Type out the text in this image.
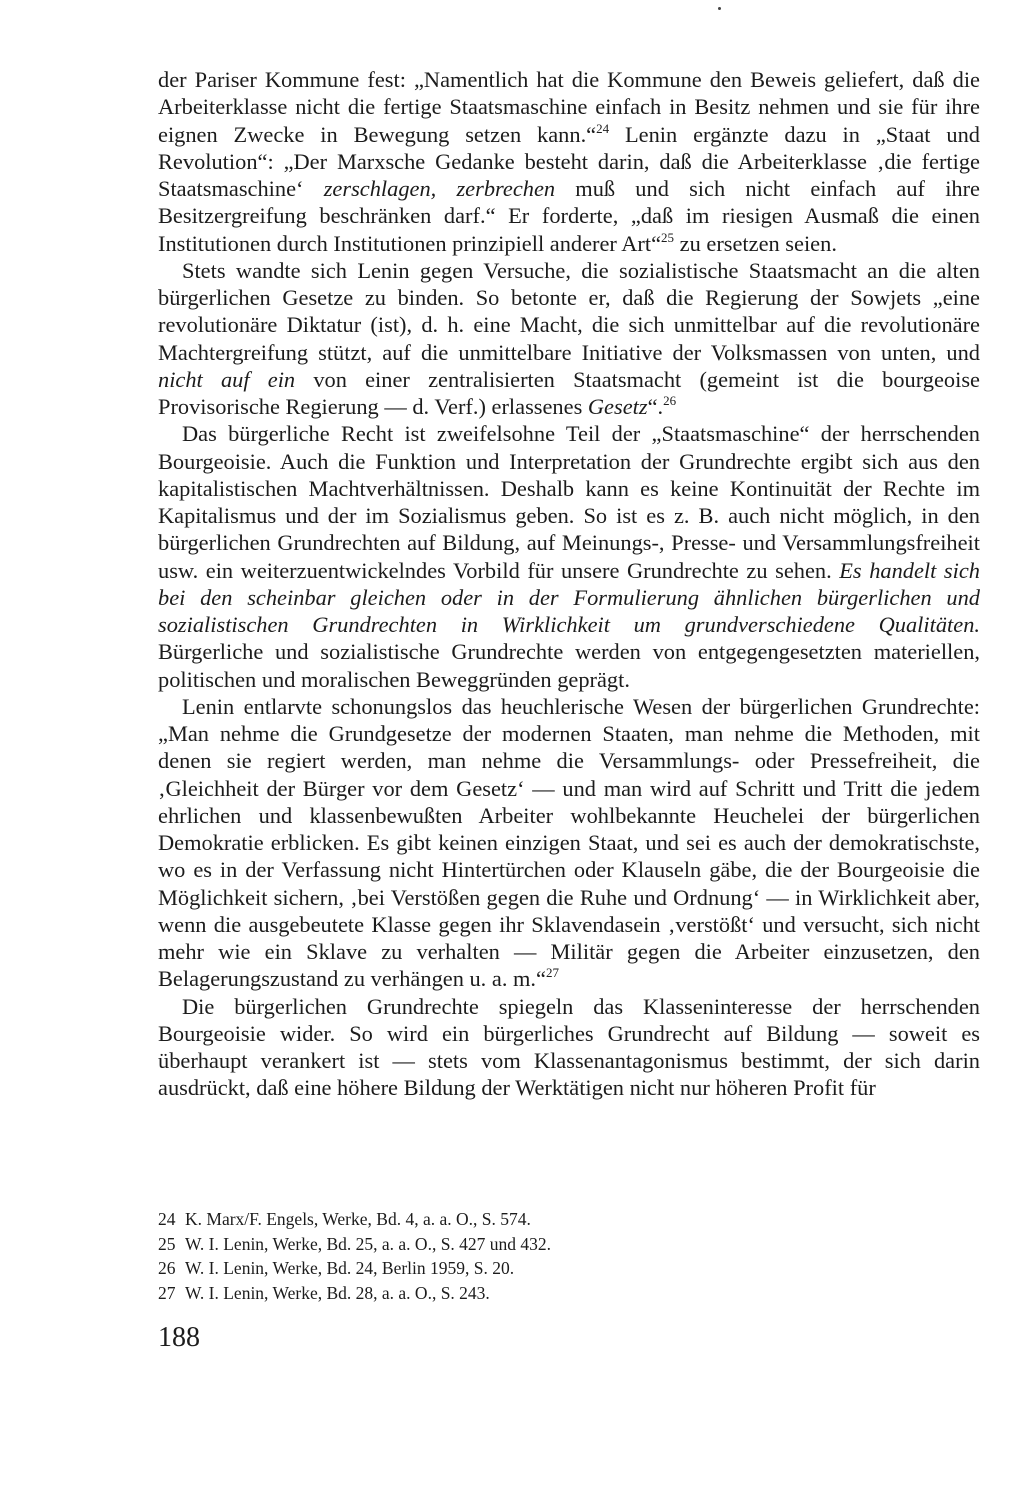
der Pariser Kommune fest: „Namentlich hat die Kommune den Beweis geliefert, daß die Arbeiterklasse nicht die fertige Staatsmaschine einfach in Besitz nehmen und sie für ihre eignen Zwecke in Bewegung setzen kann.“$^{24}$ Lenin ergänzte dazu in „Staat und Revolution“: „Der Marxsche Gedanke besteht darin, daß die Arbeiterklasse ‚die fertige Staatsmaschine‘ zerschlagen, zerbrechen muß und sich nicht einfach auf ihre Besitzergreifung beschränken darf.“ Er forderte, „daß im riesigen Ausmaß die einen Institutionen durch Institutionen prinzipiell anderer Art“$^{25}$ zu ersetzen seien.

Stets wandte sich Lenin gegen Versuche, die sozialistische Staatsmacht an die alten bürgerlichen Gesetze zu binden. So betonte er, daß die Regierung der Sowjets „eine revolutionäre Diktatur (ist), d. h. eine Macht, die sich unmittelbar auf die revolutionäre Machtergreifung stützt, auf die unmittelbare Initiative der Volksmassen von unten, und nicht auf ein von einer zentralisierten Staatsmacht (gemeint ist die bourgeoise Provisorische Regierung — d. Verf.) erlassenes Gesetz“.$^{26}$

Das bürgerliche Recht ist zweifelsohne Teil der „Staatsmaschine“ der herrschenden Bourgeoisie. Auch die Funktion und Interpretation der Grundrechte ergibt sich aus den kapitalistischen Machtverhältnissen. Deshalb kann es keine Kontinuität der Rechte im Kapitalismus und der im Sozialismus geben. So ist es z. B. auch nicht möglich, in den bürgerlichen Grundrechten auf Bildung, auf Meinungs-, Presse- und Versammlungsfreiheit usw. ein weiterzuentwickelndes Vorbild für unsere Grundrechte zu sehen. Es handelt sich bei den scheinbar gleichen oder in der Formulierung ähnlichen bürgerlichen und sozialistischen Grundrechten in Wirklichkeit um grundverschiedene Qualitäten. Bürgerliche und sozialistische Grundrechte werden von entgegengesetzten materiellen, politischen und moralischen Beweggründen geprägt.

Lenin entlarvte schonungslos das heuchlerische Wesen der bürgerlichen Grundrechte: „Man nehme die Grundgesetze der modernen Staaten, man nehme die Methoden, mit denen sie regiert werden, man nehme die Versammlungs- oder Pressefreiheit, die ‚Gleichheit der Bürger vor dem Gesetz‘ — und man wird auf Schritt und Tritt die jedem ehrlichen und klassenbewußten Arbeiter wohlbekannte Heuchelei der bürgerlichen Demokratie erblicken. Es gibt keinen einzigen Staat, und sei es auch der demokratischste, wo es in der Verfassung nicht Hintertürchen oder Klauseln gäbe, die der Bourgeoisie die Möglichkeit sichern, ‚bei Verstößen gegen die Ruhe und Ordnung‘ — in Wirklichkeit aber, wenn die ausgebeutete Klasse gegen ihr Sklavendasein ‚verstößt‘ und versucht, sich nicht mehr wie ein Sklave zu verhalten — Militär gegen die Arbeiter einzusetzen, den Belagerungszustand zu verhängen u. a. m.“$^{27}$

Die bürgerlichen Grundrechte spiegeln das Klasseninteresse der herrschenden Bourgeoisie wider. So wird ein bürgerliches Grundrecht auf Bildung — soweit es überhaupt verankert ist — stets vom Klassenantagonismus bestimmt, der sich darin ausdrückt, daß eine höhere Bildung der Werktätigen nicht nur höheren Profit für

24 K. Marx/F. Engels, Werke, Bd. 4, a. a. O., S. 574.
25 W. I. Lenin, Werke, Bd. 25, a. a. O., S. 427 und 432.
26 W. I. Lenin, Werke, Bd. 24, Berlin 1959, S. 20.
27 W. I. Lenin, Werke, Bd. 28, a. a. O., S. 243.
188
